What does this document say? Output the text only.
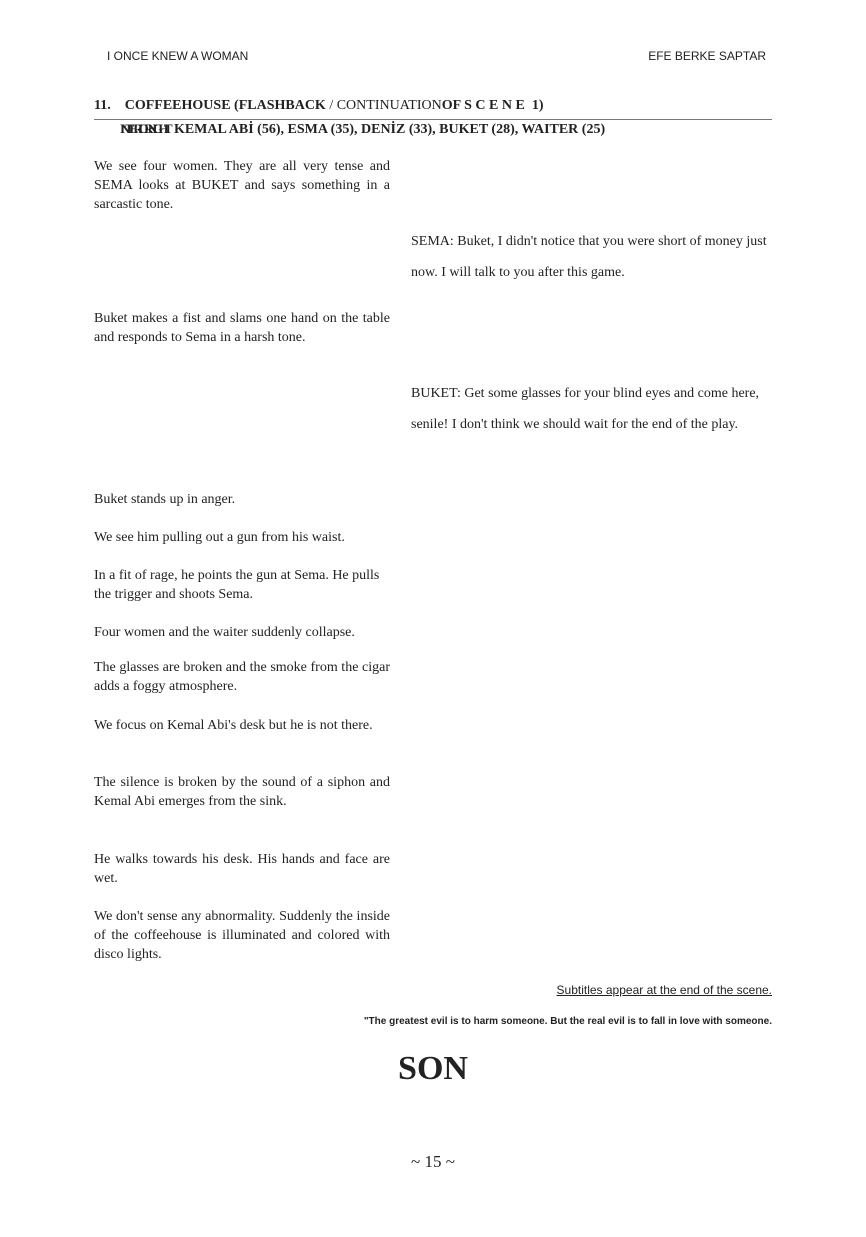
I ONCE KNEW A WOMAN	EFE BERKE SAPTAR
11. COFFEEHOUSE (FLASHBACK / CONTINUATIONOF S C E N E  1)
INTERIOR NIGHT KEMAL ABİ (56), ESMA (35), DENİZ (33), BUKET (28), WAITER (25)
We see four women. They are all very tense and SEMA looks at BUKET and says something in a sarcastic tone.
SEMA: Buket, I didn't notice that you were short of money just now. I will talk to you after this game.
Buket makes a fist and slams one hand on the table and responds to Sema in a harsh tone.
BUKET: Get some glasses for your blind eyes and come here, senile! I don't think we should wait for the end of the play.
Buket stands up in anger.
We see him pulling out a gun from his waist.
In a fit of rage, he points the gun at Sema. He pulls the trigger and shoots Sema.
Four women and the waiter suddenly collapse.
The glasses are broken and the smoke from the cigar adds a foggy atmosphere.
We focus on Kemal Abi's desk but he is not there.
The silence is broken by the sound of a siphon and Kemal Abi emerges from the sink.
He walks towards his desk. His hands and face are wet.
We don't sense any abnormality. Suddenly the inside of the coffeehouse is illuminated and colored with disco lights.
Subtitles appear at the end of the scene.
"The greatest evil is to harm someone. But the real evil is to fall in love with someone.
SON
~ 15 ~
